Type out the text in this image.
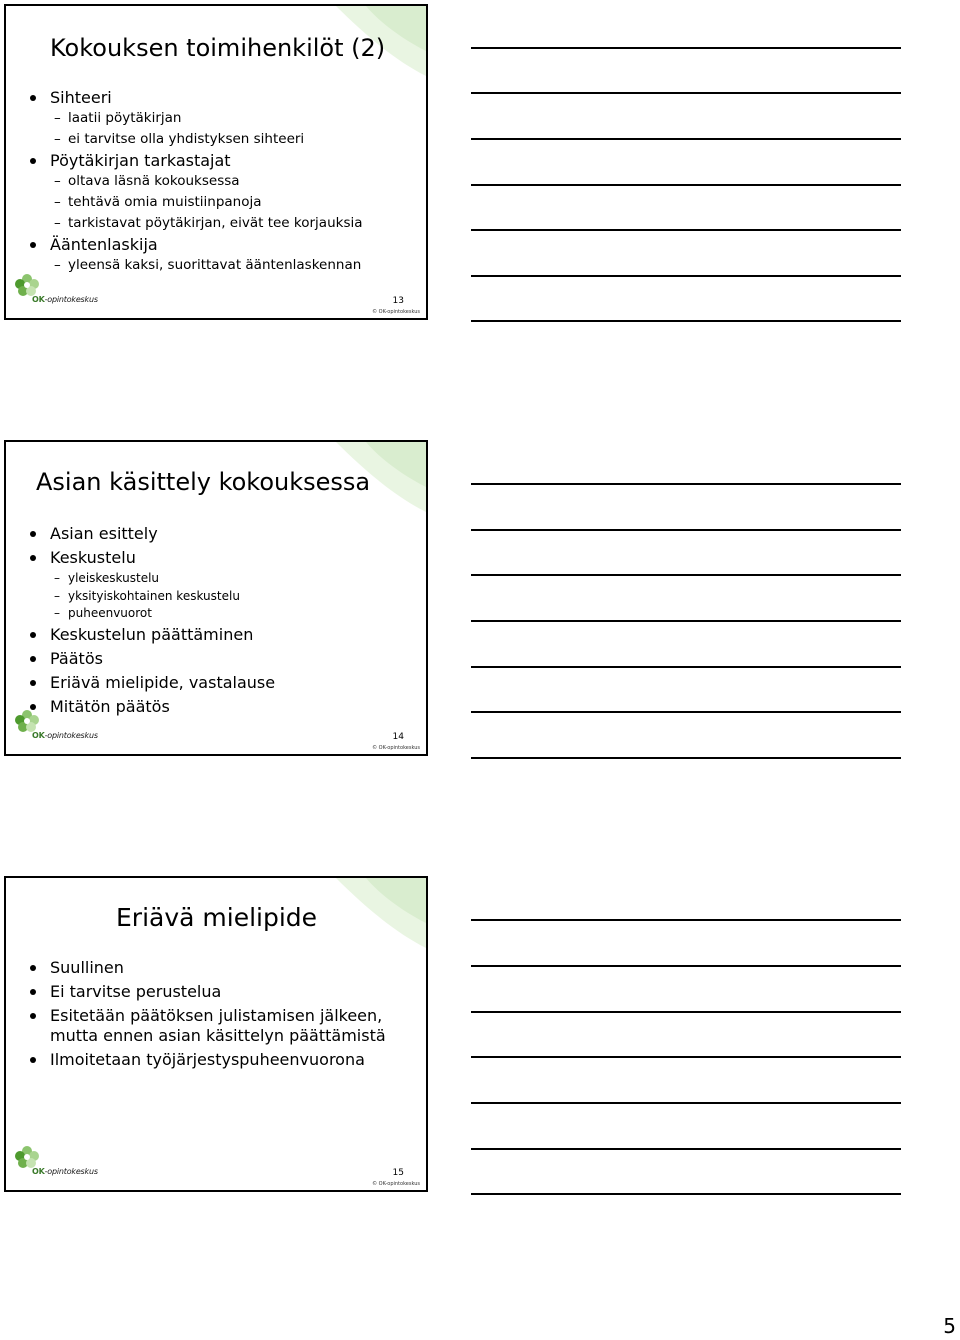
Kokouksen toimihenkilöt (2)
Sihteeri
– laatii pöytäkirjan
– ei tarvitse olla yhdistyksen sihteeri
Pöytäkirjan tarkastajat
– oltava läsnä kokouksessa
– tehtävä omia muistiinpanoja
– tarkistavat pöytäkirjan, eivät tee korjauksia
Ääntenlaskija
– yleensä kaksi, suorittavat ääntenlaskennan
OK-opintokeskus	13
© OK-opintokeskus
Asian käsittely kokouksessa
Asian esittely
Keskustelu
– yleiskeskustelu
– yksityiskohtainen keskustelu
– puheenvuorot
Keskustelun päättäminen
Päätös
Eriävä mielipide, vastalause
Mitätön päätös
OK-opintokeskus	14
© OK-opintokeskus
Eriävä mielipide
Suullinen
Ei tarvitse perustelua
Esitetään päätöksen julistamisen jälkeen,
mutta ennen asian käsittelyn päättämistä
Ilmoitetaan työjärjestyspuheenvuorona
OK-opintokeskus	15
© OK-opintokeskus
5
